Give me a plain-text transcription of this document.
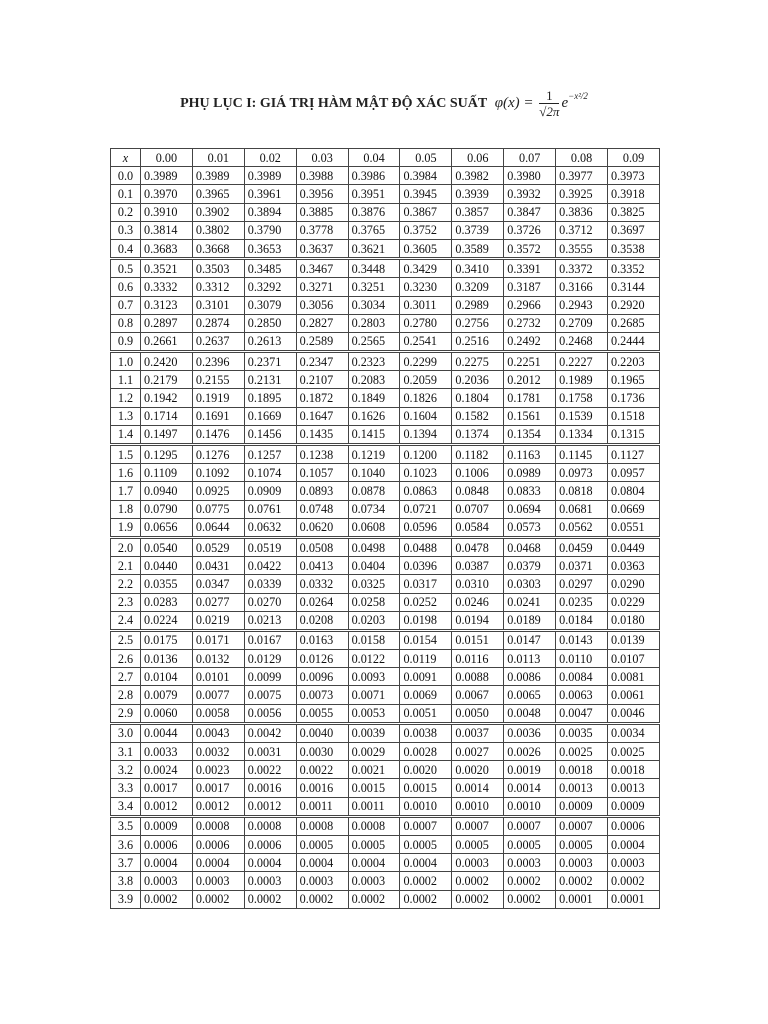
PHỤ LỤC I: GIÁ TRỊ HÀM MẬT ĐỘ XÁC SUẤT $\varphi(x) = \frac{1}{√2\pi} e^{-x^2/2}$
x	0.00	0.01	0.02	0.03	0.04	0.05	0.06	0.07	0.08	0.09
0.0	0.3989	0.3989	0.3989	0.3988	0.3986	0.3984	0.3982	0.3980	0.3977	0.3973
0.1	0.3970	0.3965	0.3961	0.3956	0.3951	0.3945	0.3939	0.3932	0.3925	0.3918
0.2	0.3910	0.3902	0.3894	0.3885	0.3876	0.3867	0.3857	0.3847	0.3836	0.3825
0.3	0.3814	0.3802	0.3790	0.3778	0.3765	0.3752	0.3739	0.3726	0.3712	0.3697
0.4	0.3683	0.3668	0.3653	0.3637	0.3621	0.3605	0.3589	0.3572	0.3555	0.3538
0.5	0.3521	0.3503	0.3485	0.3467	0.3448	0.3429	0.3410	0.3391	0.3372	0.3352
0.6	0.3332	0.3312	0.3292	0.3271	0.3251	0.3230	0.3209	0.3187	0.3166	0.3144
0.7	0.3123	0.3101	0.3079	0.3056	0.3034	0.3011	0.2989	0.2966	0.2943	0.2920
0.8	0.2897	0.2874	0.2850	0.2827	0.2803	0.2780	0.2756	0.2732	0.2709	0.2685
0.9	0.2661	0.2637	0.2613	0.2589	0.2565	0.2541	0.2516	0.2492	0.2468	0.2444
1.0	0.2420	0.2396	0.2371	0.2347	0.2323	0.2299	0.2275	0.2251	0.2227	0.2203
1.1	0.2179	0.2155	0.2131	0.2107	0.2083	0.2059	0.2036	0.2012	0.1989	0.1965
1.2	0.1942	0.1919	0.1895	0.1872	0.1849	0.1826	0.1804	0.1781	0.1758	0.1736
1.3	0.1714	0.1691	0.1669	0.1647	0.1626	0.1604	0.1582	0.1561	0.1539	0.1518
1.4	0.1497	0.1476	0.1456	0.1435	0.1415	0.1394	0.1374	0.1354	0.1334	0.1315
1.5	0.1295	0.1276	0.1257	0.1238	0.1219	0.1200	0.1182	0.1163	0.1145	0.1127
1.6	0.1109	0.1092	0.1074	0.1057	0.1040	0.1023	0.1006	0.0989	0.0973	0.0957
1.7	0.0940	0.0925	0.0909	0.0893	0.0878	0.0863	0.0848	0.0833	0.0818	0.0804
1.8	0.0790	0.0775	0.0761	0.0748	0.0734	0.0721	0.0707	0.0694	0.0681	0.0669
1.9	0.0656	0.0644	0.0632	0.0620	0.0608	0.0596	0.0584	0.0573	0.0562	0.0551
2.0	0.0540	0.0529	0.0519	0.0508	0.0498	0.0488	0.0478	0.0468	0.0459	0.0449
2.1	0.0440	0.0431	0.0422	0.0413	0.0404	0.0396	0.0387	0.0379	0.0371	0.0363
2.2	0.0355	0.0347	0.0339	0.0332	0.0325	0.0317	0.0310	0.0303	0.0297	0.0290
2.3	0.0283	0.0277	0.0270	0.0264	0.0258	0.0252	0.0246	0.0241	0.0235	0.0229
2.4	0.0224	0.0219	0.0213	0.0208	0.0203	0.0198	0.0194	0.0189	0.0184	0.0180
2.5	0.0175	0.0171	0.0167	0.0163	0.0158	0.0154	0.0151	0.0147	0.0143	0.0139
2.6	0.0136	0.0132	0.0129	0.0126	0.0122	0.0119	0.0116	0.0113	0.0110	0.0107
2.7	0.0104	0.0101	0.0099	0.0096	0.0093	0.0091	0.0088	0.0086	0.0084	0.0081
2.8	0.0079	0.0077	0.0075	0.0073	0.0071	0.0069	0.0067	0.0065	0.0063	0.0061
2.9	0.0060	0.0058	0.0056	0.0055	0.0053	0.0051	0.0050	0.0048	0.0047	0.0046
3.0	0.0044	0.0043	0.0042	0.0040	0.0039	0.0038	0.0037	0.0036	0.0035	0.0034
3.1	0.0033	0.0032	0.0031	0.0030	0.0029	0.0028	0.0027	0.0026	0.0025	0.0025
3.2	0.0024	0.0023	0.0022	0.0022	0.0021	0.0020	0.0020	0.0019	0.0018	0.0018
3.3	0.0017	0.0017	0.0016	0.0016	0.0015	0.0015	0.0014	0.0014	0.0013	0.0013
3.4	0.0012	0.0012	0.0012	0.0011	0.0011	0.0010	0.0010	0.0010	0.0009	0.0009
3.5	0.0009	0.0008	0.0008	0.0008	0.0008	0.0007	0.0007	0.0007	0.0007	0.0006
3.6	0.0006	0.0006	0.0006	0.0005	0.0005	0.0005	0.0005	0.0005	0.0005	0.0004
3.7	0.0004	0.0004	0.0004	0.0004	0.0004	0.0004	0.0003	0.0003	0.0003	0.0003
3.8	0.0003	0.0003	0.0003	0.0003	0.0003	0.0002	0.0002	0.0002	0.0002	0.0002
3.9	0.0002	0.0002	0.0002	0.0002	0.0002	0.0002	0.0002	0.0002	0.0001	0.0001
